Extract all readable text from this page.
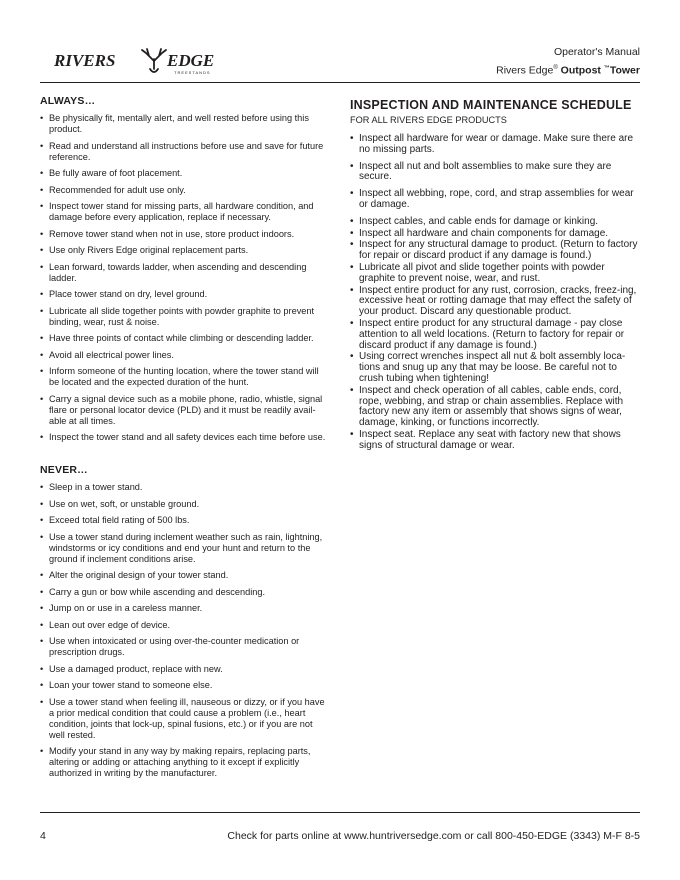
RIVERS	EDGE
TREESTANDS
Operator's Manual
Rivers Edge® Outpost ™Tower
ALWAYS…
• Be physically fit, mentally alert, and well rested before using this product.
• Read and understand all instructions before use and save for future reference.
• Be fully aware of foot placement.
• Recommended for adult use only.
• Inspect tower stand for missing parts, all hardware condition, and damage before every application, replace if necessary.
• Remove tower stand when not in use, store product indoors.
• Use only Rivers Edge original replacement parts.
• Lean forward, towards ladder, when ascending and descending ladder.
• Place tower stand on dry, level ground.
• Lubricate all slide together points with powder graphite to prevent binding, wear, rust & noise.
• Have three points of contact while climbing or descending ladder.
• Avoid all electrical power lines.
• Inform someone of the hunting location, where the tower stand will be located and the expected duration of the hunt.
• Carry a signal device such as a mobile phone, radio, whistle, signal flare or personal locator device (PLD) and it must be readily avail-able at all times.
• Inspect the tower stand and all safety devices each time before use.
NEVER…
• Sleep in a tower stand.
• Use on wet, soft, or unstable ground.
• Exceed total field rating of 500 lbs.
• Use a tower stand during inclement weather such as rain, lightning, windstorms or icy conditions and end your hunt and return to the ground if inclement conditions arise.
• Alter the original design of your tower stand.
• Carry a gun or bow while ascending and descending.
• Jump on or use in a careless manner.
• Lean out over edge of device.
• Use when intoxicated or using over-the-counter medication or prescription drugs.
• Use a damaged product, replace with new.
• Loan your tower stand to someone else.
• Use a tower stand when feeling ill, nauseous or dizzy, or if you have a prior medical condition that could cause a problem (i.e., heart condition, joints that lock-up, spinal fusions, etc.) or if you are not well rested.
• Modify your stand in any way by making repairs, replacing parts, altering or adding or attaching anything to it except if explicitly authorized in writing by the manufacturer.
INSPECTION AND MAINTENANCE SCHEDULE
FOR ALL RIVERS EDGE PRODUCTS
• Inspect all hardware for wear or damage. Make sure there are no missing parts.
• Inspect all nut and bolt assemblies to make sure they are secure.
• Inspect all webbing, rope, cord, and strap assemblies for wear or damage.
• Inspect cables, and cable ends for damage or kinking.
• Inspect all hardware and chain components for damage.
• Inspect for any structural damage to product. (Return to factory for repair or discard product if any damage is found.)
• Lubricate all pivot and slide together points with powder graphite to prevent noise, wear, and rust.
• Inspect entire product for any rust, corrosion, cracks, freez-ing, excessive heat or rotting damage that may effect the safety of your product. Discard any questionable product.
• Inspect entire product for any structural damage - pay close attention to all weld locations. (Return to factory for repair or discard product if any damage is found.)
• Using correct wrenches inspect all nut & bolt assembly loca-tions and snug up any that may be loose. Be careful not to crush tubing when tightening!
• Inspect and check operation of all cables, cable ends, cord, rope, webbing, and strap or chain assemblies. Replace with factory new any item or assembly that shows signs of wear, damage, kinking, or functions incorrectly.
• Inspect seat. Replace any seat with factory new that shows signs of structural damage or wear.
4	Check for parts online at www.huntriversedge.com or call 800-450-EDGE (3343) M-F 8-5
